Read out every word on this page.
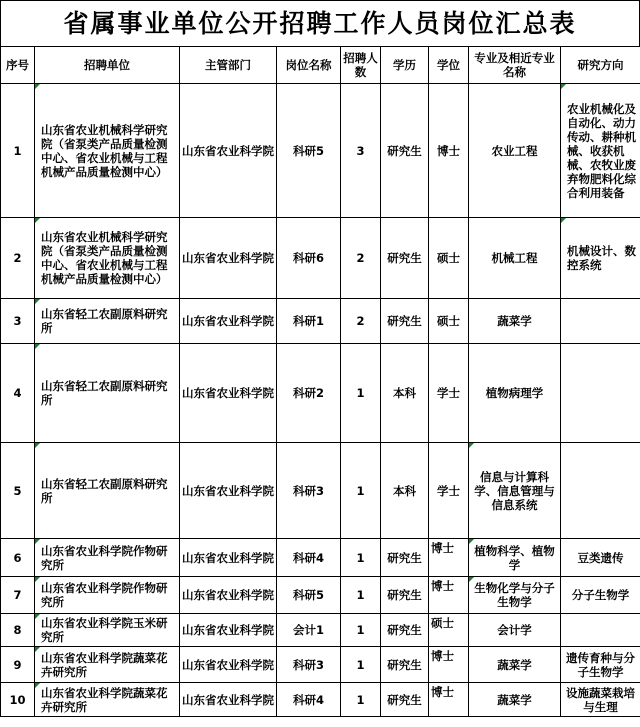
省属事业单位公开招聘工作人员岗位汇总表
序号	招聘单位	主管部门	岗位名称	招聘人数	学历	学位	专业及相近专业名称	研究方向
1	山东省农业机械科学研究院（省泵类产品质量检测中心、省农业机械与工程机械产品质量检测中心）	山东省农业科学院	科研5	3	研究生	博士	农业工程	农业机械化及自动化、动力传动、耕种机械、收获机械、农牧业废弃物肥料化综合利用装备
2	山东省农业机械科学研究院（省泵类产品质量检测中心、省农业机械与工程机械产品质量检测中心）	山东省农业科学院	科研6	2	研究生	硕士	机械工程	机械设计、数控系统
3	山东省轻工农副原料研究所	山东省农业科学院	科研1	2	研究生	硕士	蔬菜学	
4	山东省轻工农副原料研究所	山东省农业科学院	科研2	1	本科	学士	植物病理学	
5	山东省轻工农副原料研究所	山东省农业科学院	科研3	1	本科	学士	信息与计算科学、信息管理与信息系统	
6	山东省农业科学院作物研究所	山东省农业科学院	科研4	1	研究生	博士	植物科学、植物学	豆类遗传
7	山东省农业科学院作物研究所	山东省农业科学院	科研5	1	研究生	博士	生物化学与分子生物学	分子生物学
8	山东省农业科学院玉米研究所	山东省农业科学院	会计1	1	研究生	硕士	会计学	
9	山东省农业科学院蔬菜花卉研究所	山东省农业科学院	科研3	1	研究生	博士	蔬菜学	遗传育种与分子生物学
10	山东省农业科学院蔬菜花卉研究所	山东省农业科学院	科研4	1	研究生	博士	蔬菜学	设施蔬菜栽培与生理
